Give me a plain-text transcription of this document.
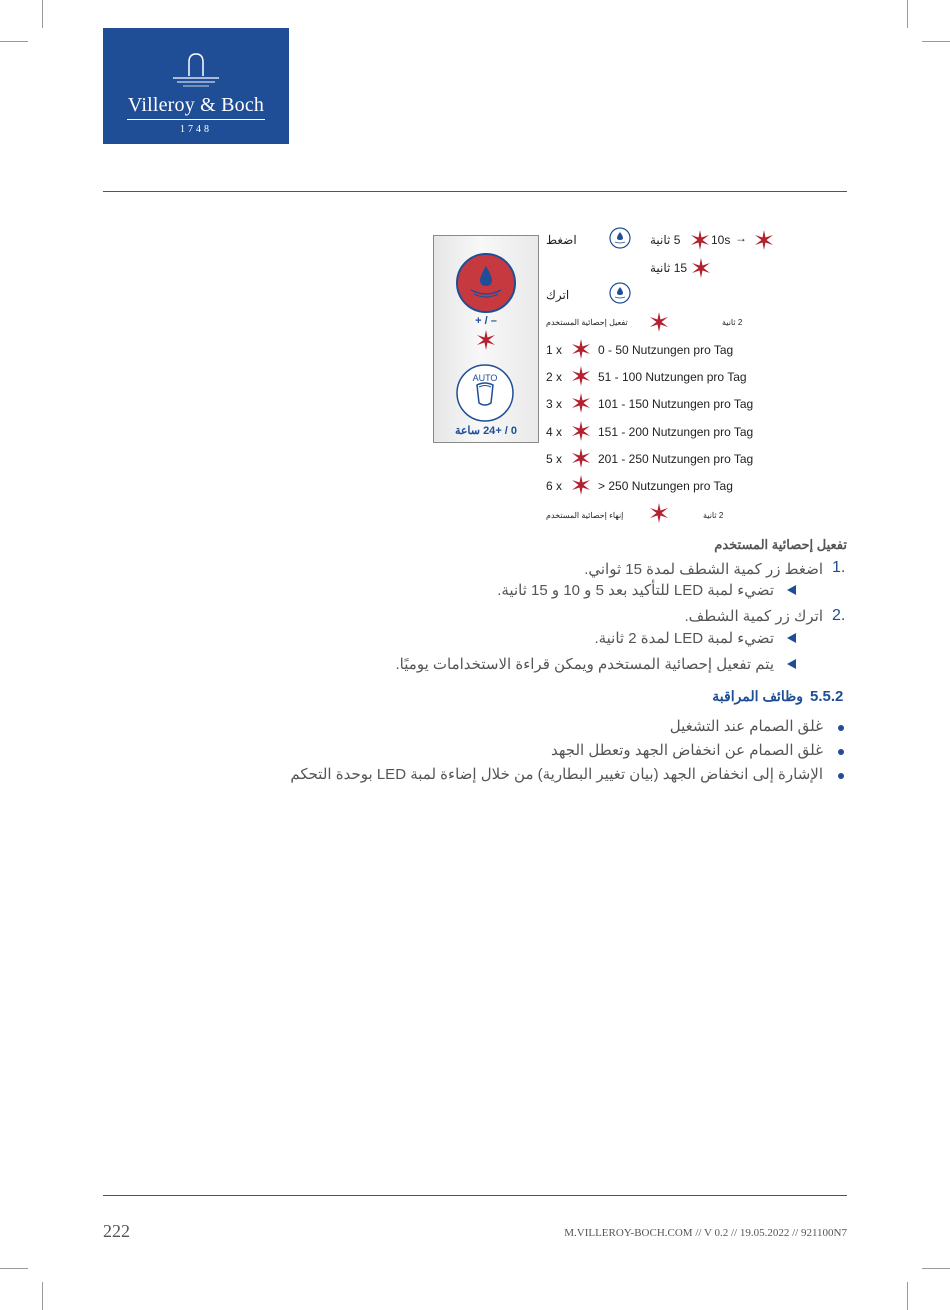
Villeroy & Boch
1748
+ / –
AUTO
0 / +24 ساعة
اضغط	5 ثانية	10s →
15 ثانية
اترك
تفعيل إحصائية المستخدم	2 ثانية
1 x	0 - 50 Nutzungen pro Tag
2 x	51 - 100 Nutzungen pro Tag
3 x	101 - 150 Nutzungen pro Tag
4 x	151 - 200 Nutzungen pro Tag
5 x	201 - 250 Nutzungen pro Tag
6 x	> 250 Nutzungen pro Tag
إنهاء إحصائية المستخدم	2 ثانية
تفعيل إحصائية المستخدم
1.
اضغط زر كمية الشطف لمدة 15 ثواني.
تضيء لمبة LED للتأكيد بعد 5 و 10 و 15 ثانية.
2.
اترك زر كمية الشطف.
تضيء لمبة LED لمدة 2 ثانية.
يتم تفعيل إحصائية المستخدم ويمكن قراءة الاستخدامات يوميًا.
5.5.2
وظائف المراقبة
غلق الصمام عند التشغيل
غلق الصمام عن انخفاض الجهد وتعطل الجهد
الإشارة إلى انخفاض الجهد (بيان تغيير البطارية) من خلال إضاءة لمبة LED بوحدة التحكم
222	M.VILLEROY-BOCH.COM // V 0.2 // 19.05.2022 // 921100N7
